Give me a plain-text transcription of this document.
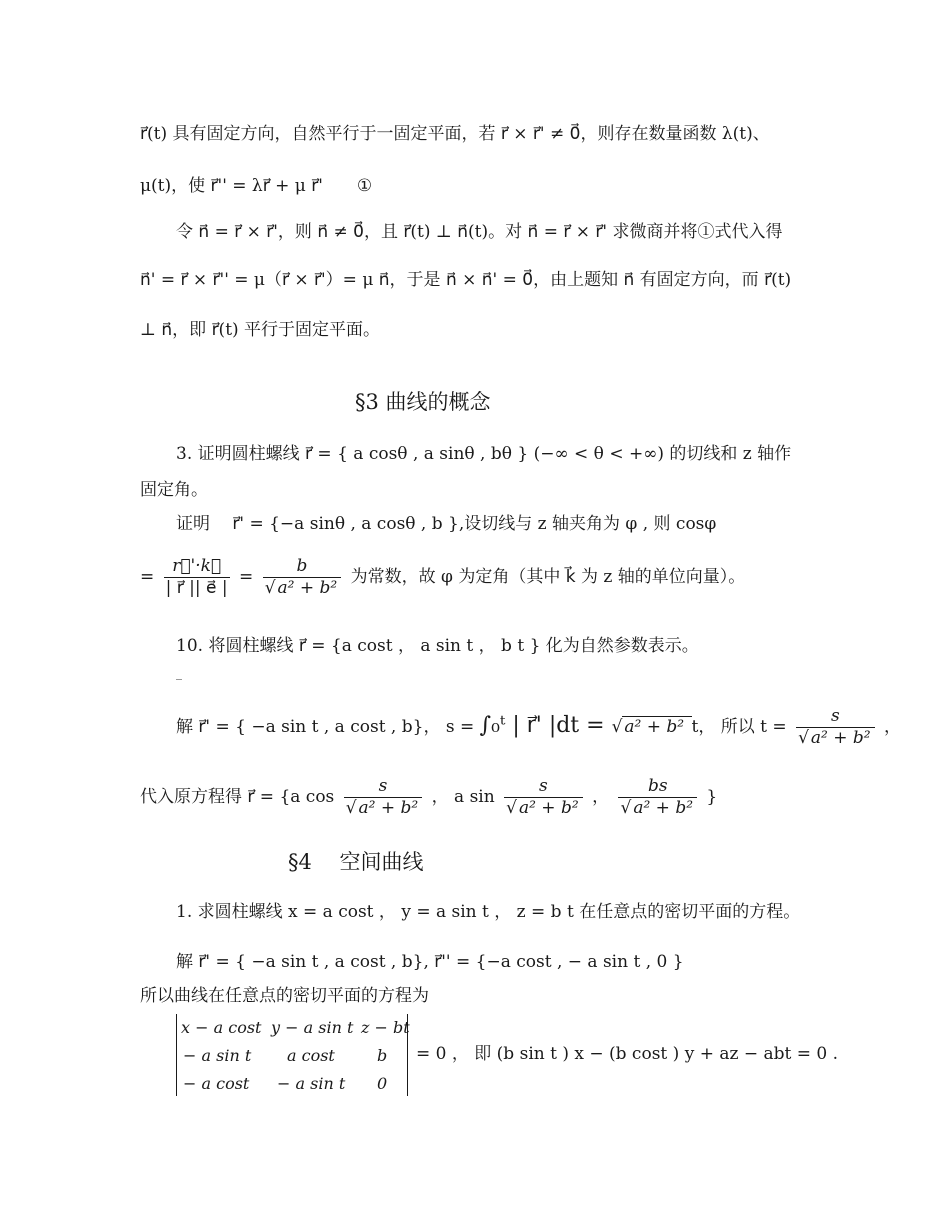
r⃗(t) 具有固定方向，自然平行于一固定平面，若 r⃗ × r⃗' ≠ 0⃗，则存在数量函数 λ(t)、
μ(t)，使 r⃗'' = λr⃗ + μ r⃗'　　①
令 n⃗ = r⃗ × r⃗'，则 n⃗ ≠ 0⃗，且 r⃗(t) ⊥ n⃗(t)。对 n⃗ = r⃗ × r⃗' 求微商并将①式代入得
n⃗' = r⃗ × r⃗'' = μ（r⃗ × r⃗'）= μ n⃗，于是 n⃗ × n⃗' = 0⃗，由上题知 n⃗ 有固定方向，而 r⃗(t)
⊥ n⃗，即 r⃗(t) 平行于固定平面。
§3 曲线的概念
3. 证明圆柱螺线 r⃗ = { a cosθ , a sinθ , bθ } (−∞ < θ < +∞) 的切线和 z 轴作
固定角。
证明　 r⃗' = {−a sinθ , a cosθ , b },设切线与 z 轴夹角为 φ , 则 cosφ
= $\frac{r⃗'\cdot k⃗}{| r⃗ || e⃗ |} = \frac{b}{\text{√ a² + b²}}$ 为常数，故 φ 为定角（其中 k⃗ 为 z 轴的单位向量）。
10. 将圆柱螺线 r⃗ = {a cost ， a sin t ， b t } 化为自然参数表示。
解 r⃗' = { −a sin t , a cost , b}， s = ∫₀ᵗ | r⃗' |dt = √ a² + b² t， 所以 $t = \frac{s}{\text{√ a² + b²}}$ ，
代入原方程得 r⃗ = {a $\cos \frac{s}{\text{√ a² + b²}}$ ， a $\sin \frac{s}{\text{√ a² + b²}}$ ， $\frac{bs}{\text{√ a² + b²}}$ }
§4　 空间曲线
1. 求圆柱螺线 x = a cost ， y = a sin t ， z = b t 在任意点的密切平面的方程。
解 r⃗' = { −a sin t , a cost , b}, r⃗'' = {−a cost , − a sin t , 0 }
所以曲线在任意点的密切平面的方程为
x − a cost y − a sin t z − bt
− a sin t a cost	b
− a cost − a sin t 0
= 0 ， 即 (b sin t ) x − (b cost ) y + az − abt = 0 .
